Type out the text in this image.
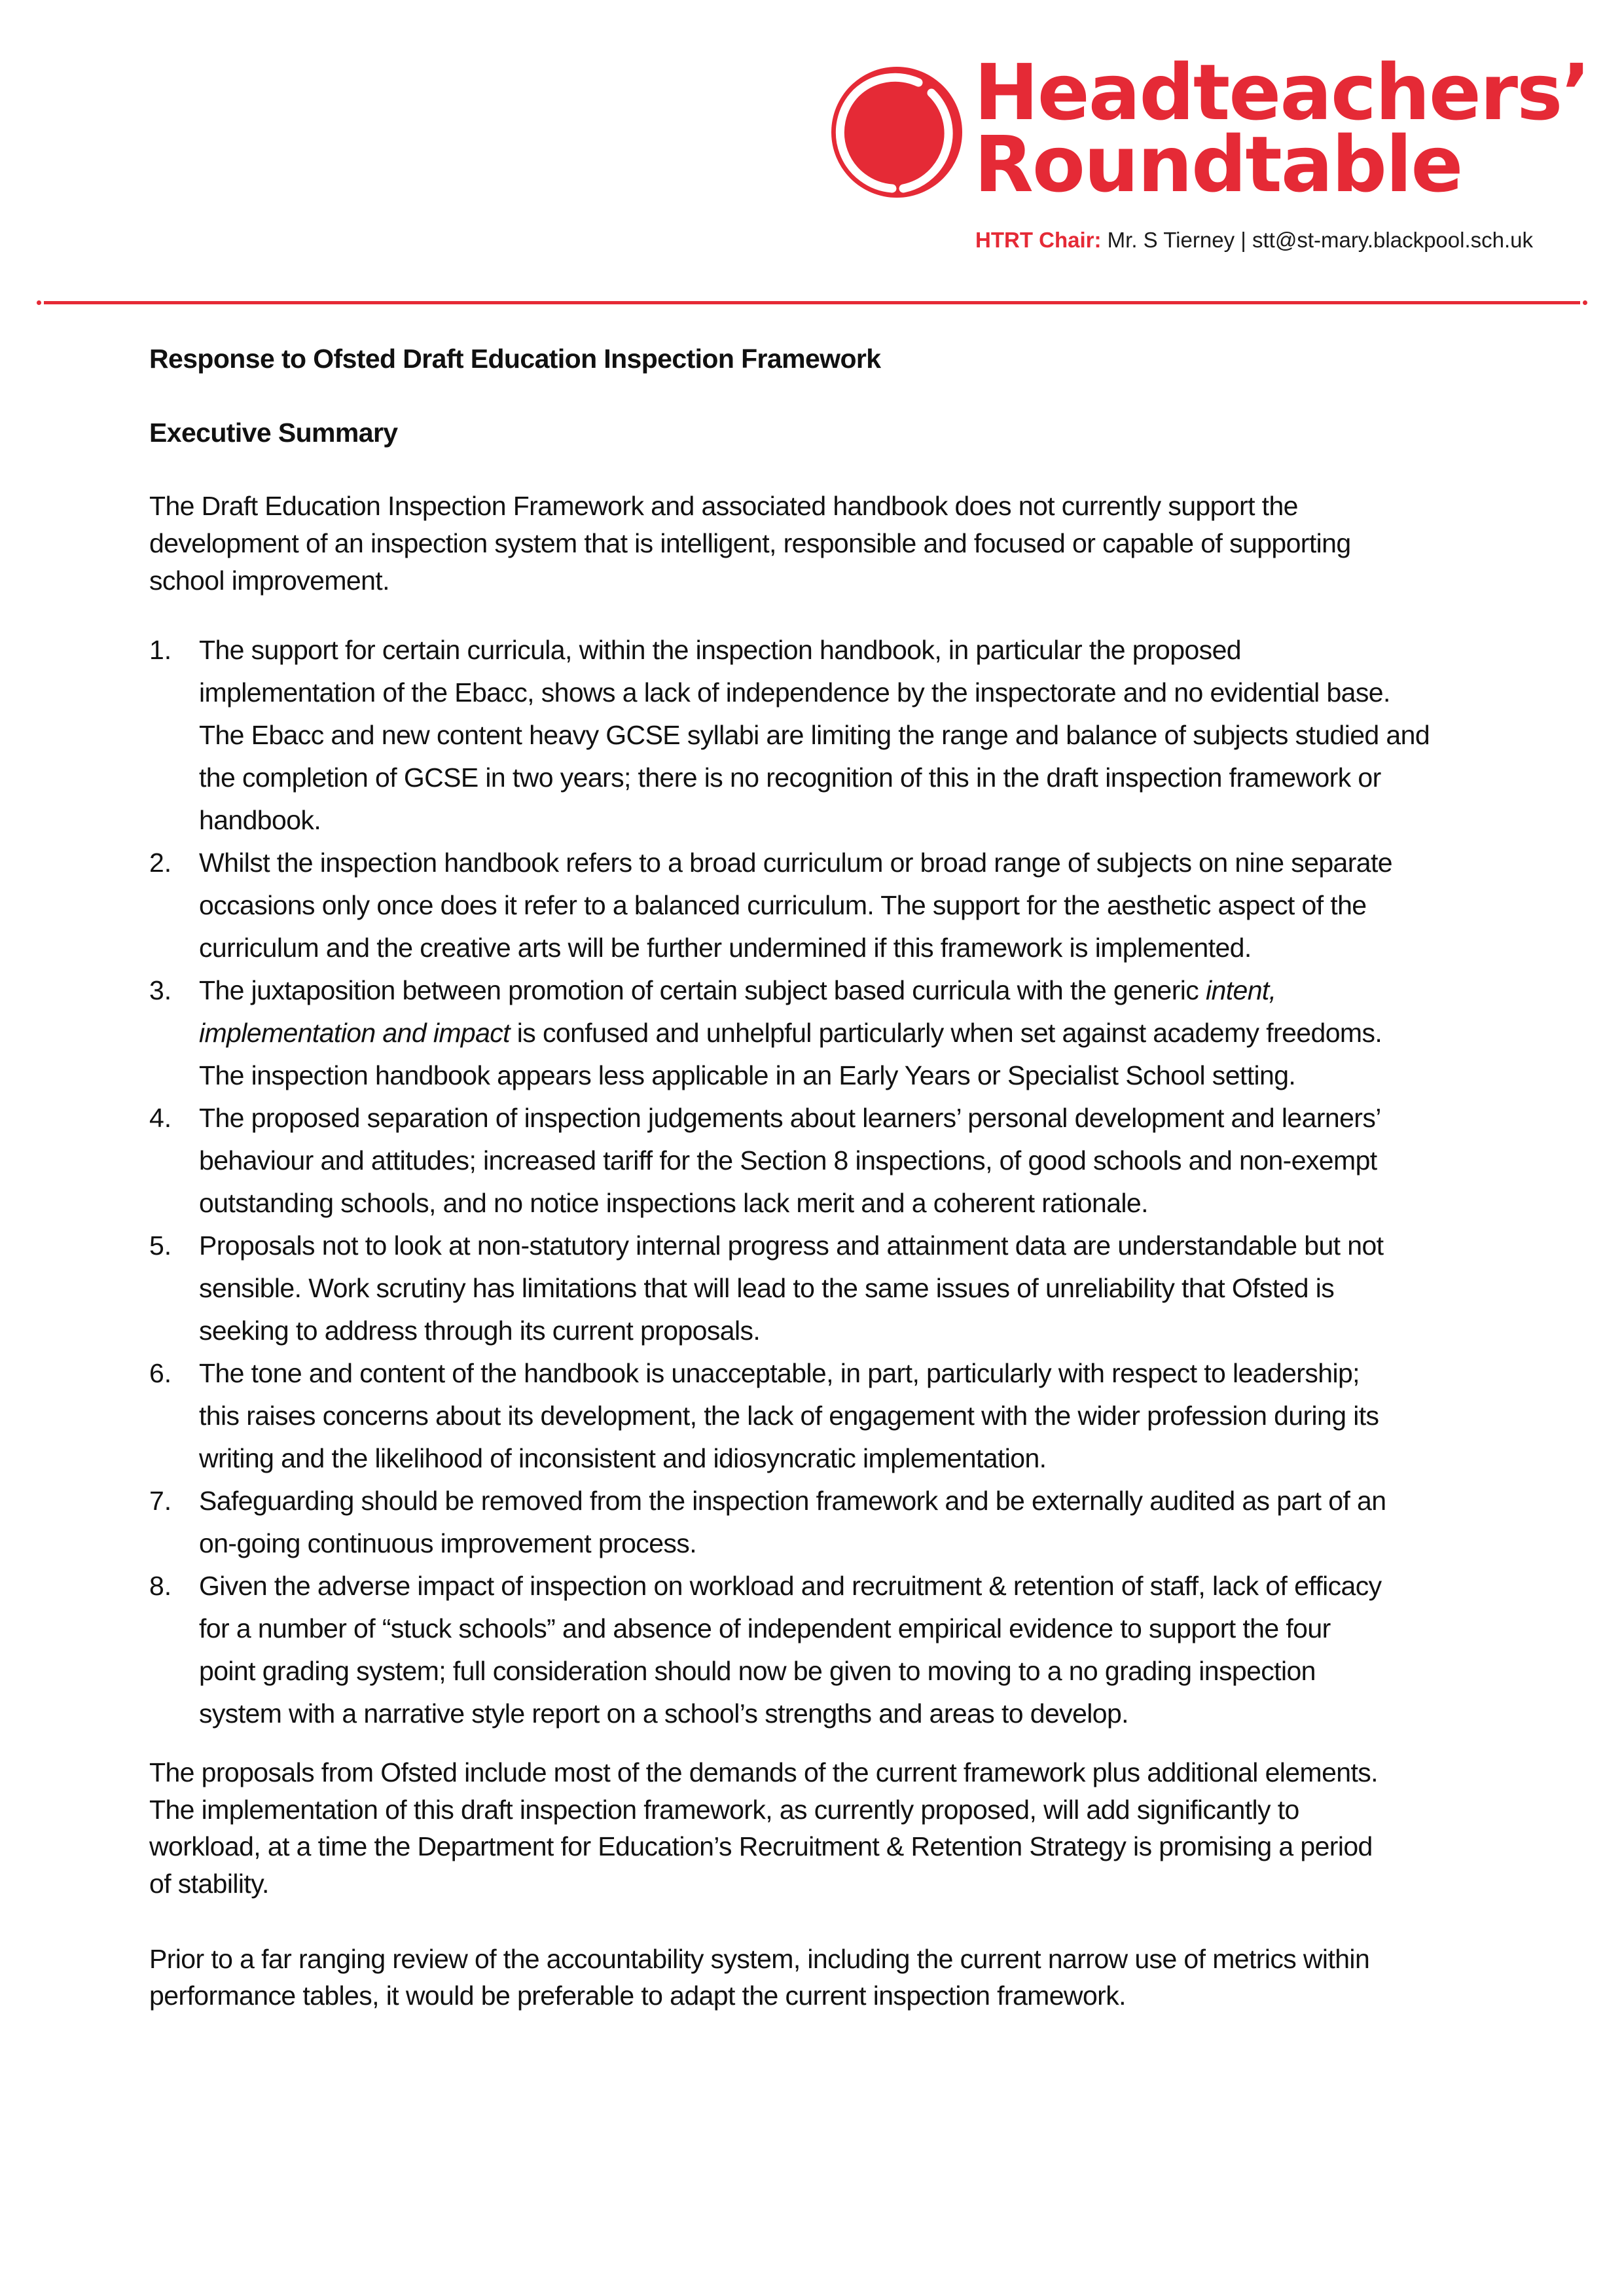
Headteachers’
Roundtable
HTRT Chair: Mr. S Tierney | stt@st-mary.blackpool.sch.uk
Response to Ofsted Draft Education Inspection Framework
Executive Summary
The Draft Education Inspection Framework and associated handbook does not currently support the
development of an inspection system that is intelligent, responsible and focused or capable of supporting
school improvement.
1. The support for certain curricula, within the inspection handbook, in particular the proposed
implementation of the Ebacc, shows a lack of independence by the inspectorate and no evidential base.
The Ebacc and new content heavy GCSE syllabi are limiting the range and balance of subjects studied and
the completion of GCSE in two years; there is no recognition of this in the draft inspection framework or
handbook.
2. Whilst the inspection handbook refers to a broad curriculum or broad range of subjects on nine separate
occasions only once does it refer to a balanced curriculum. The support for the aesthetic aspect of the
curriculum and the creative arts will be further undermined if this framework is implemented.
3. The juxtaposition between promotion of certain subject based curricula with the generic intent,
implementation and impact is confused and unhelpful particularly when set against academy freedoms.
The inspection handbook appears less applicable in an Early Years or Specialist School setting.
4. The proposed separation of inspection judgements about learners’ personal development and learners’
behaviour and attitudes; increased tariff for the Section 8 inspections, of good schools and non-exempt
outstanding schools, and no notice inspections lack merit and a coherent rationale.
5. Proposals not to look at non-statutory internal progress and attainment data are understandable but not
sensible. Work scrutiny has limitations that will lead to the same issues of unreliability that Ofsted is
seeking to address through its current proposals.
6. The tone and content of the handbook is unacceptable, in part, particularly with respect to leadership;
this raises concerns about its development, the lack of engagement with the wider profession during its
writing and the likelihood of inconsistent and idiosyncratic implementation.
7. Safeguarding should be removed from the inspection framework and be externally audited as part of an
on-going continuous improvement process.
8. Given the adverse impact of inspection on workload and recruitment & retention of staff, lack of efficacy
for a number of “stuck schools” and absence of independent empirical evidence to support the four
point grading system; full consideration should now be given to moving to a no grading inspection
system with a narrative style report on a school’s strengths and areas to develop.
The proposals from Ofsted include most of the demands of the current framework plus additional elements.
The implementation of this draft inspection framework, as currently proposed, will add significantly to
workload, at a time the Department for Education’s Recruitment & Retention Strategy is promising a period
of stability.
Prior to a far ranging review of the accountability system, including the current narrow use of metrics within
performance tables, it would be preferable to adapt the current inspection framework.
